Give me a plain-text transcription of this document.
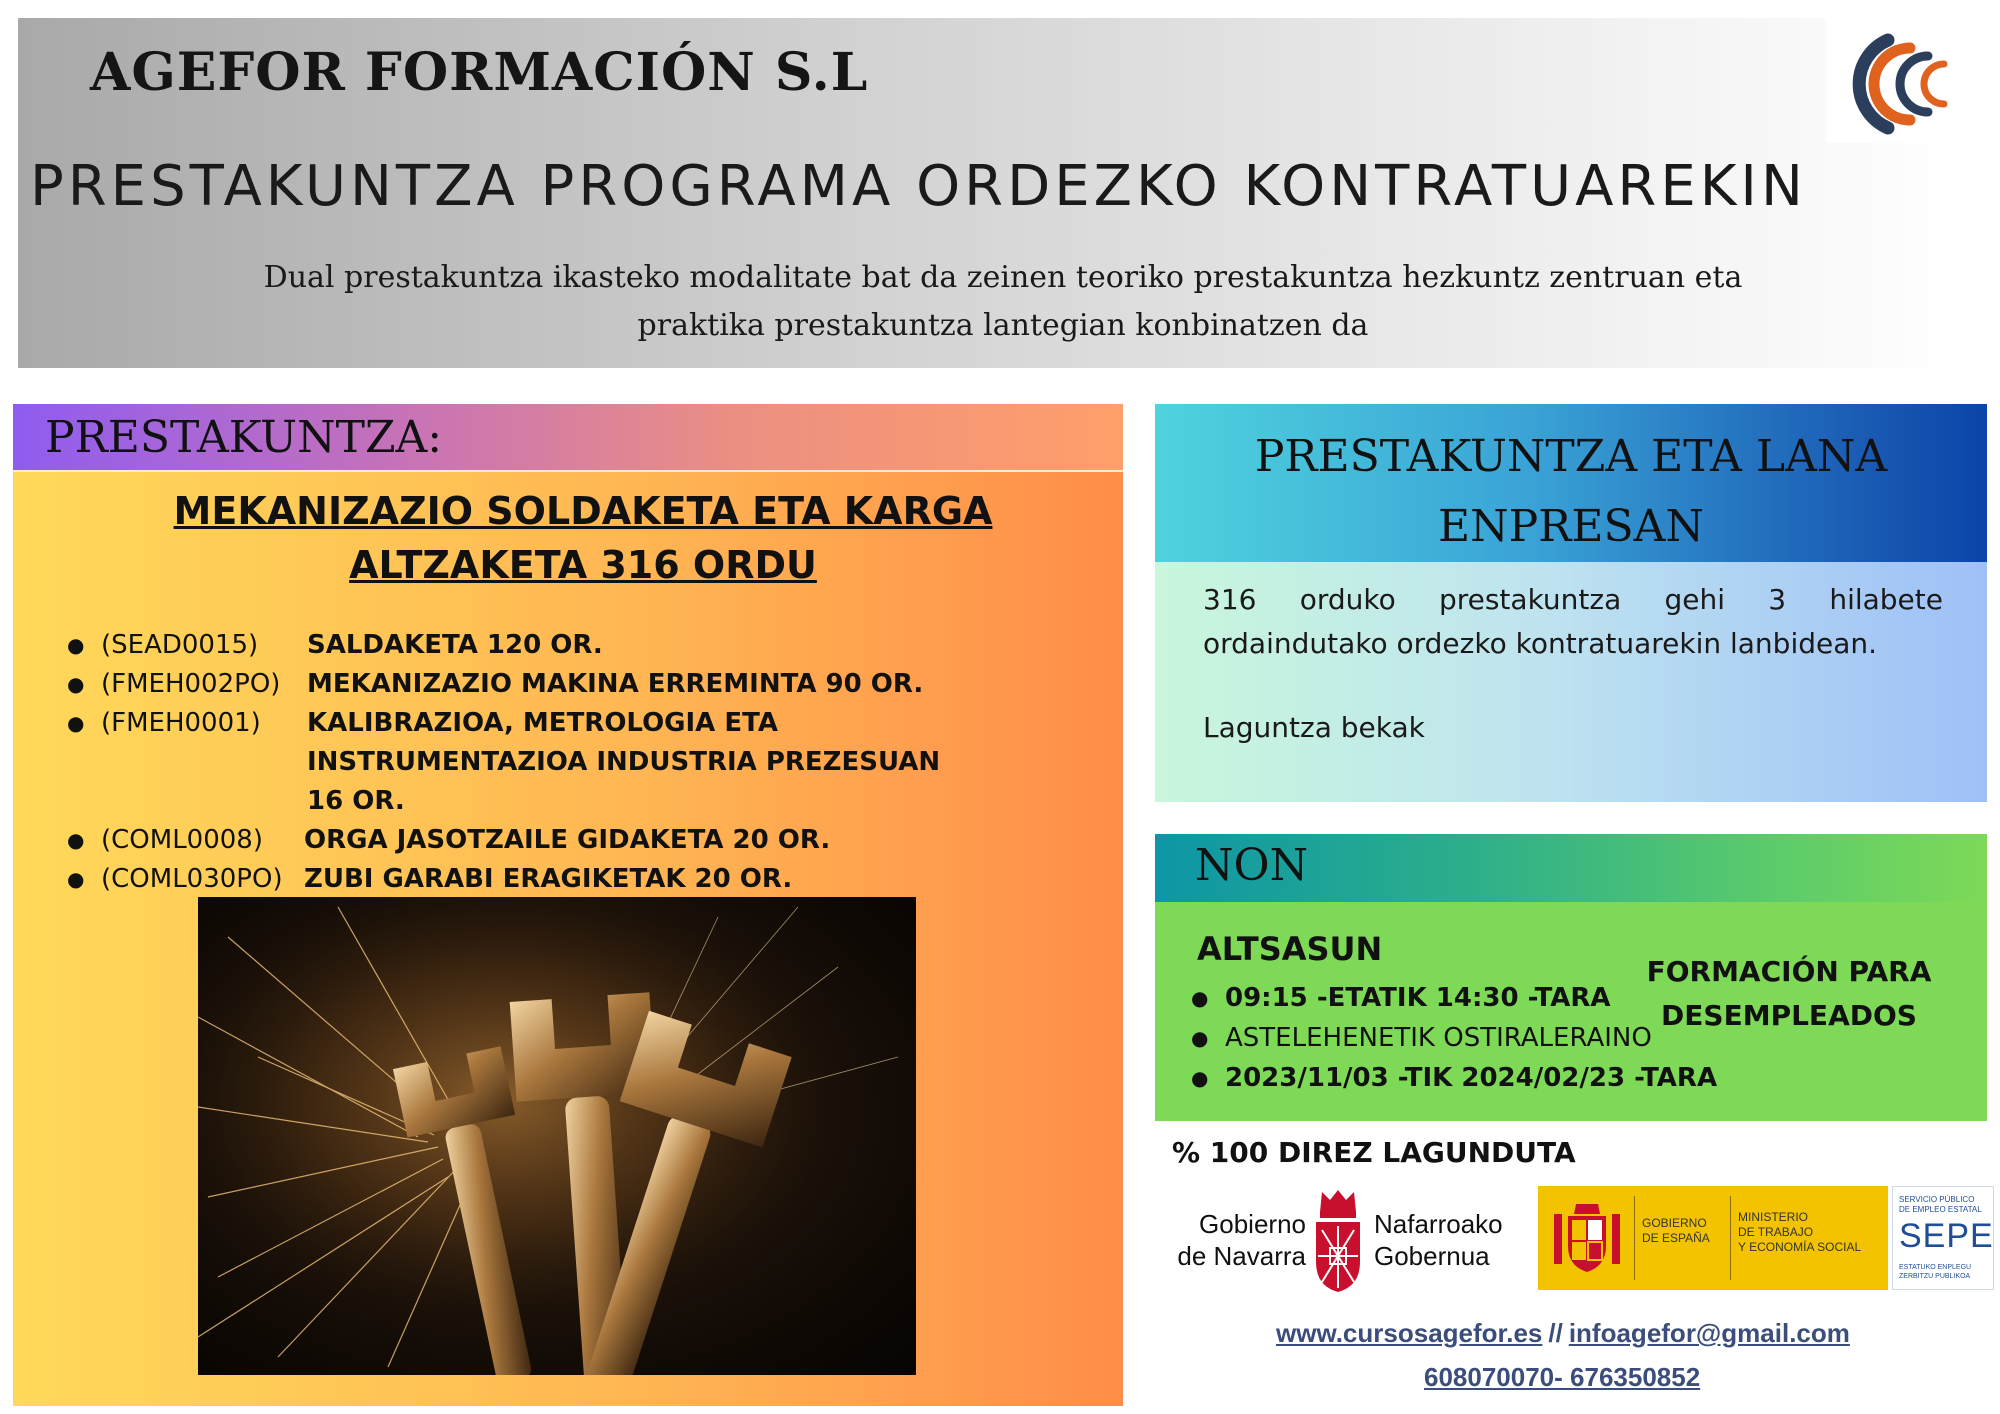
AGEFOR FORMACIÓN S.L
PRESTAKUNTZA PROGRAMA ORDEZKO KONTRATUAREKIN
Dual prestakuntza ikasteko modalitate bat da zeinen teoriko prestakuntza hezkuntz zentruan eta
praktika prestakuntza lantegian konbinatzen da
PRESTAKUNTZA:
MEKANIZAZIO SOLDAKETA ETA KARGA
ALTZAKETA 316 ORDU
● (SEAD0015)	SALDAKETA 120 OR.
● (FMEH002PO)	MEKANIZAZIO MAKINA ERREMINTA 90 OR.
● (FMEH0001)	KALIBRAZIOA, METROLOGIA ETA INSTRUMENTAZIOA INDUSTRIA PREZESUAN 16 OR.
● (COML0008)	ORGA JASOTZAILE GIDAKETA 20 OR.
● (COML030PO) ZUBI GARABI ERAGIKETAK 20 OR.
PRESTAKUNTZA ETA LANA
ENPRESAN
316 orduko prestakuntza gehi 3 hilabete ordaindutako ordezko kontratuarekin lanbidean.
Laguntza bekak
NON
ALTSASUN
● 09:15 -ETATIK 14:30 -TARA
● ASTELEHENETIK OSTIRALERAINO
● 2023/11/03 -TIK 2024/02/23 -TARA
FORMACIÓN PARA
DESEMPLEADOS
% 100 DIREZ LAGUNDUTA
Gobierno
de Navarra
Nafarroako
Gobernua
GOBIERNO
DE ESPAÑA
MINISTERIO
DE TRABAJO
Y ECONOMÍA SOCIAL
SERVICIO PÚBLICO
DE EMPLEO ESTATAL
SEPE
ESTATUKO ENPLEGU
ZERBITZU PUBLIKOA
www.cursosagefor.es // infoagefor@gmail.com
608070070- 676350852
